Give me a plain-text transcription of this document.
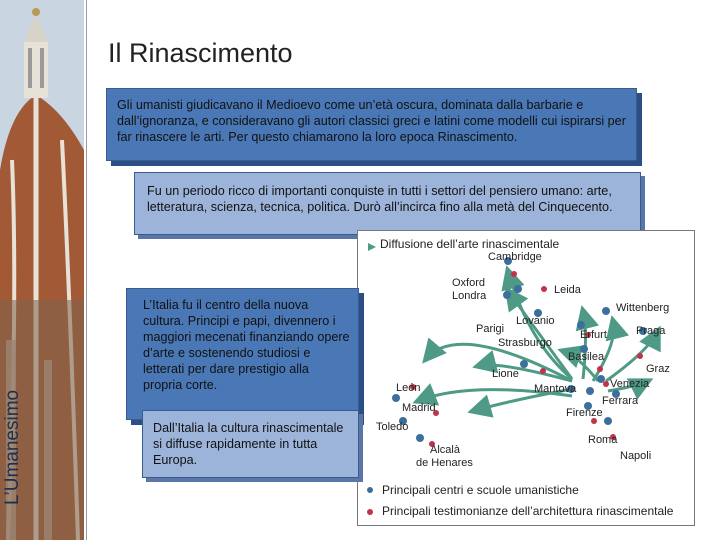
L’Umanesimo
Il Rinascimento
Gli umanisti giudicavano il Medioevo come un’età oscura, dominata dalla barbarie e dall’ignoranza, e consideravano gli autori classici greci e latini come modelli cui ispirarsi per far rinascere le arti. Per questo chiamarono la loro epoca Rinascimento.
Fu un periodo ricco di importanti conquiste in tutti i settori del pensiero umano: arte, letteratura, scienza, tecnica, politica. Durò all’incirca fino alla metà del Cinquecento.
Diffusione dell’arte rinascimentale
Cambridge
Oxford
Londra	Leida
Wittenberg
Lovanio
Parigi	Erfurt	Praga
Strasburgo
Basilea
Lione	Graz
Mantova	Venezia
Ferrara
León
Firenze
Madrid
Toledo
Roma
Alcalà
de Henares
Napoli
Principali centri e scuole umanistiche
Principali testimonianze dell’architettura rinascimentale
L’Italia fu il centro della nuova cultura. Principi e papi, divennero i maggiori mecenati finanziando opere d’arte e sostenendo studiosi e letterati per dare prestigio alla propria corte.
Dall’Italia la cultura rinascimentale si diffuse rapidamente in tutta Europa.
